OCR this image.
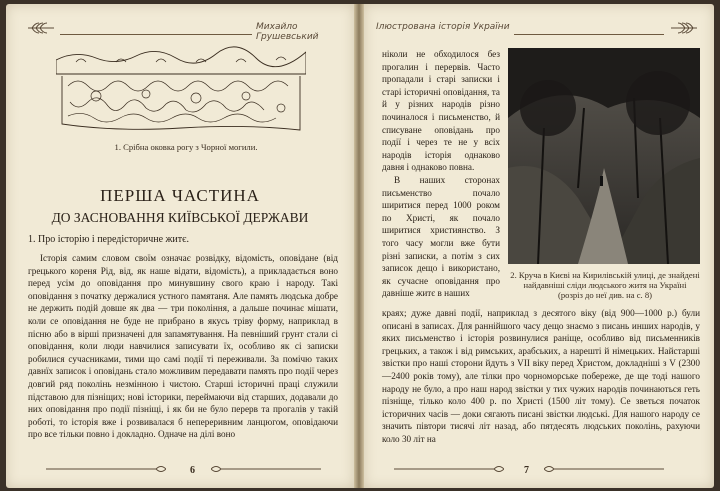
Михайло Грушевський
1. Срібна оковка рогу з Чорної могили.
ПЕРША ЧАСТИНА
ДО ЗАСНОВАННЯ КИЇВСЬКОЇ ДЕРЖАВИ
1. Про історію і передісторичне житє.

Історія самим словом своїм означає розвідку, відомість, оповідане (від грецького кореня Рід, від, як наше відати, відомість), а прикладається воно перед усім до оповідання про минувшину свого краю і народу. Такі оповідання з початку держалися устного памятаня. Але память людська добре не держить подій довше як два — три покоління, а дальше починає мішати, коли се оповідання не буде не прибрано в якусь тріву форму, наприклад в пісню або в вірші призначені для запамятування. На певніший грунт стали сі оповідання, коли люди навчилися записувати їх, особливо як сі записки робилися сучасниками, тими що самі події ті переживали. За помічю таких давнїх записок і оповідань стало можливим передавати память про події через довгий ряд поколінь незмінною і чистою. Старші історичні праці служили підставою для пізніщих; нові історики, переймаючи від старших, додавали до них оповідання про події пізніщі, і як би не було перерв та прогалів у такій роботі, то історія вже і розвивалася б непереривним ланцюгом, оповідаючи про все тільки повно і докладно. Одначе на ділі воно

6
Ілюстрована історія України

ніколи не обходилося без прогалин і перервів. Часто пропадали і старі записки і старі історичні оповідання, та й у різних народів різно починалося і письменство, й списуване оповідань про події і через те не у всіх народів історія однаково давня і однаково повна.

В наших сторонах письменство почало ширитися перед 1000 роком по Христі, як почало ширитися християнство. З того часу могли вже бути різні записки, а потім з сих записок дещо і використано, як сучасне оповідання про давніше житє в наших

2. Круча в Києві на Кирилівській улиці, де знайдені найдавніші сліди людського житя на Україні (розріз до неї див. на с. 8)

краях; дуже давні події, наприклад з десятого віку (від 900—1000 р.) були описані в записах. Для раннійшого часу дещо знаємо з писань инших народів, у яких письменство і історія розвинулися раніще, особливо від письменників грецьких, а також і від римських, арабських, а нарешті й німецьких. Найстарші звістки про наші сторони йдуть з VII віку перед Христом, докладніші з V (2300—2400 років тому), але тілки про чорноморське побереже, де ще тоді нашого народу не було, а про наш народ звістки у тих чужих народів починаються геть пізніще, тілько коло 400 р. по Христі (1500 літ тому). Се зветься початок історичних часів — доки сягають писані звістки людські. Для нашого народу се значить півтори тисячі літ назад, або пятдесять людських поколінь, рахуючи коло 30 літ на

7
